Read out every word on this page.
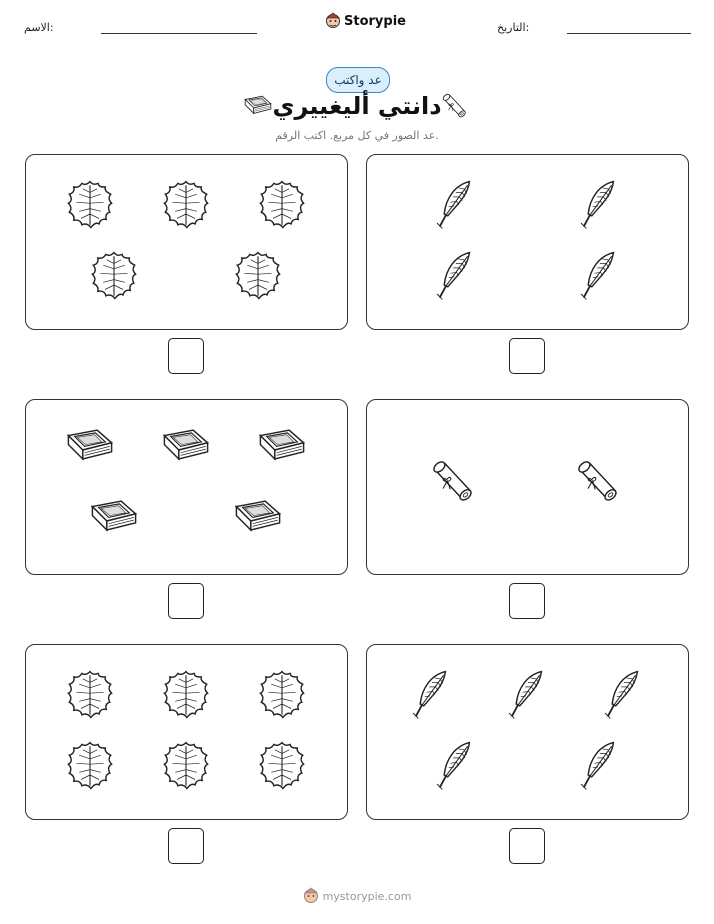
الاسم:	Storypie	التاريخ:
عد واكتب
دانتي أليغييري
عد الصور في كل مربع. اكتب الرقم.
mystorypie.com
